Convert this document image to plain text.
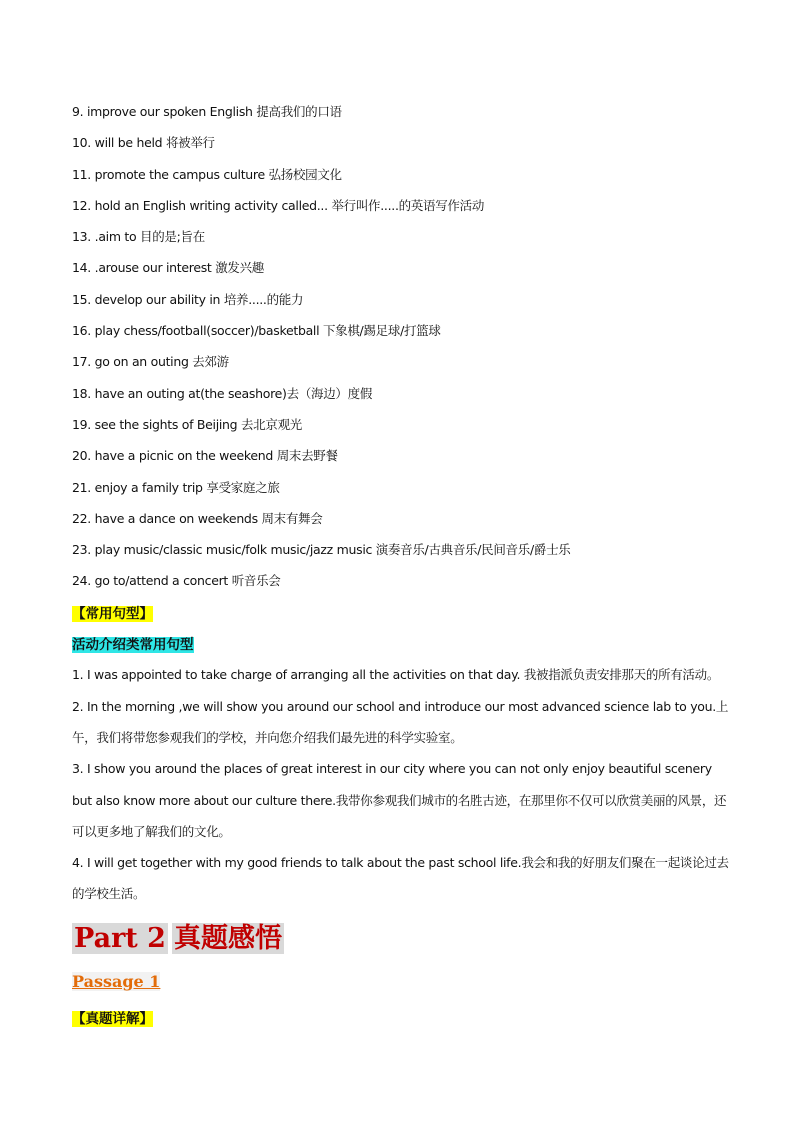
9. improve our spoken English 提高我们的口语
10. will be held 将被举行
11. promote the campus culture 弘扬校园文化
12. hold an English writing activity called... 举行叫作.....的英语写作活动
13. .aim to 目的是;旨在
14. .arouse our interest 激发兴趣
15. develop our ability in 培养.....的能力
16. play chess/football(soccer)/basketball 下象棋/踢足球/打篮球
17. go on an outing 去郊游
18. have an outing at(the seashore)去（海边）度假
19. see the sights of Beijing 去北京观光
20. have a picnic on the weekend 周末去野餐
21. enjoy a family trip 享受家庭之旅
22. have a dance on weekends 周末有舞会
23. play music/classic music/folk music/jazz music 演奏音乐/古典音乐/民间音乐/爵士乐
24. go to/attend a concert 听音乐会
【常用句型】
活动介绍类常用句型

1. I was appointed to take charge of arranging all the activities on that day. 我被指派负责安排那天的所有活动。

2. In the morning ,we will show you around our school and introduce our most advanced science lab to you.上午，我们将带您参观我们的学校，并向您介绍我们最先进的科学实验室。

3. I show you around the places of great interest in our city where you can not only enjoy beautiful scenery but also know more about our culture there.我带你参观我们城市的名胜古迹，在那里你不仅可以欣赏美丽的风景，还可以更多地了解我们的文化。

4. I will get together with my good friends to talk about the past school life.我会和我的好朋友们聚在一起谈论过去的学校生活。

Part 2 真题感悟
Passage 1
【真题详解】
